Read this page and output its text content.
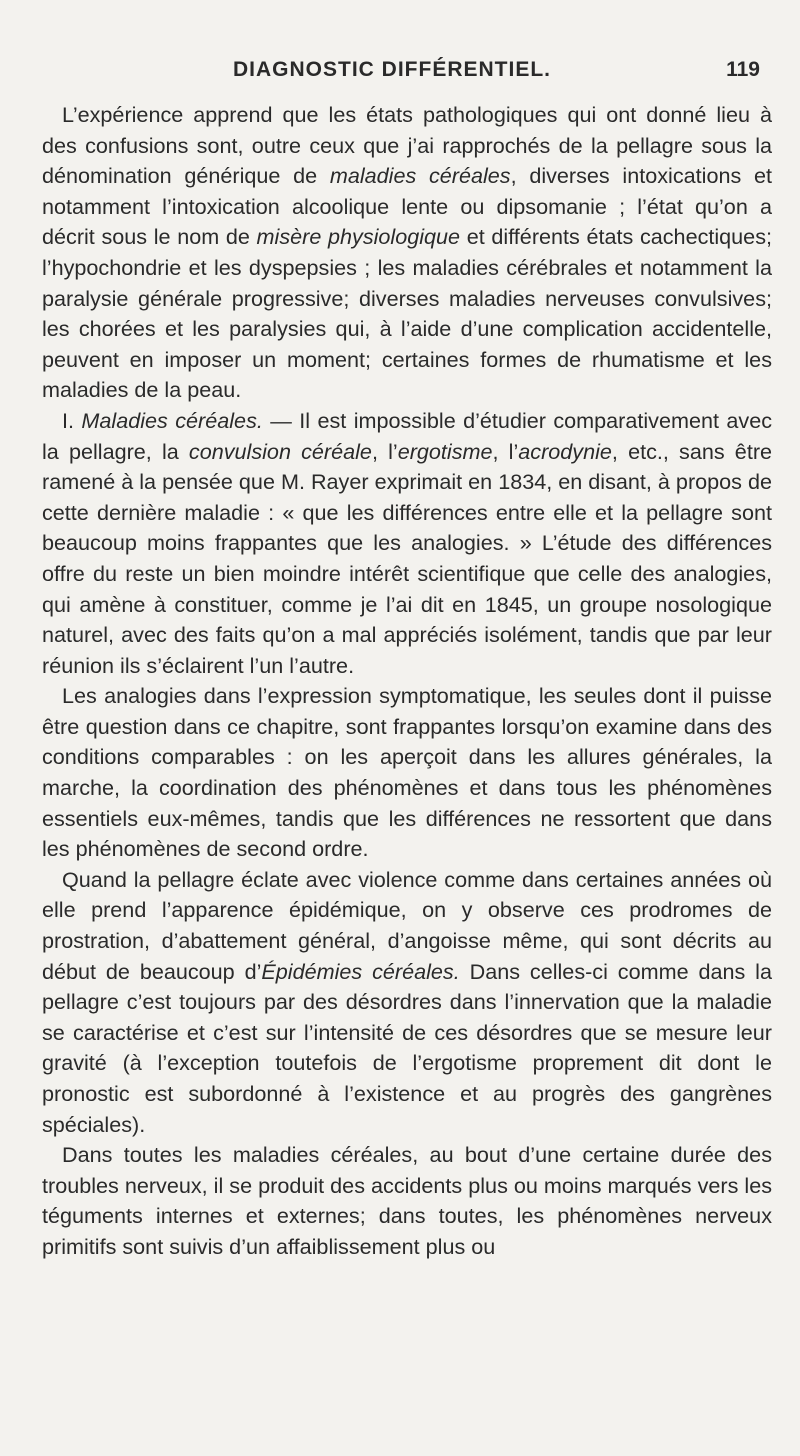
DIAGNOSTIC DIFFÉRENTIEL.	119

L’expérience apprend que les états pathologiques qui ont donné lieu à des confusions sont, outre ceux que j’ai rapprochés de la pellagre sous la dénomination générique de maladies céréales, diverses intoxications et notamment l’intoxication alcoolique lente ou dipsomanie ; l’état qu’on a décrit sous le nom de misère physiologique et différents états cachectiques; l’hypochondrie et les dyspepsies ; les maladies cérébrales et notamment la paralysie générale progressive; diverses maladies nerveuses convulsives; les chorées et les paralysies qui, à l’aide d’une complication accidentelle, peuvent en imposer un moment; certaines formes de rhumatisme et les maladies de la peau.

I. Maladies céréales. — Il est impossible d’étudier comparativement avec la pellagre, la convulsion céréale, l’ergotisme, l’acrodynie, etc., sans être ramené à la pensée que M. Rayer exprimait en 1834, en disant, à propos de cette dernière maladie : « que les différences entre elle et la pellagre sont beaucoup moins frappantes que les analogies. » L’étude des différences offre du reste un bien moindre intérêt scientifique que celle des analogies, qui amène à constituer, comme je l’ai dit en 1845, un groupe nosologique naturel, avec des faits qu’on a mal appréciés isolément, tandis que par leur réunion ils s’éclairent l’un l’autre.

Les analogies dans l’expression symptomatique, les seules dont il puisse être question dans ce chapitre, sont frappantes lorsqu’on examine dans des conditions comparables : on les aperçoit dans les allures générales, la marche, la coordination des phénomènes et dans tous les phénomènes essentiels eux-mêmes, tandis que les différences ne ressortent que dans les phénomènes de second ordre.

Quand la pellagre éclate avec violence comme dans certaines années où elle prend l’apparence épidémique, on y observe ces prodromes de prostration, d’abattement général, d’angoisse même, qui sont décrits au début de beaucoup d’Épidémies céréales. Dans celles-ci comme dans la pellagre c’est toujours par des désordres dans l’innervation que la maladie se caractérise et c’est sur l’intensité de ces désordres que se mesure leur gravité (à l’exception toutefois de l’ergotisme proprement dit dont le pronostic est subordonné à l’existence et au progrès des gangrènes spéciales).

Dans toutes les maladies céréales, au bout d’une certaine durée des troubles nerveux, il se produit des accidents plus ou moins marqués vers les téguments internes et externes; dans toutes, les phénomènes nerveux primitifs sont suivis d’un affaiblissement plus ou
